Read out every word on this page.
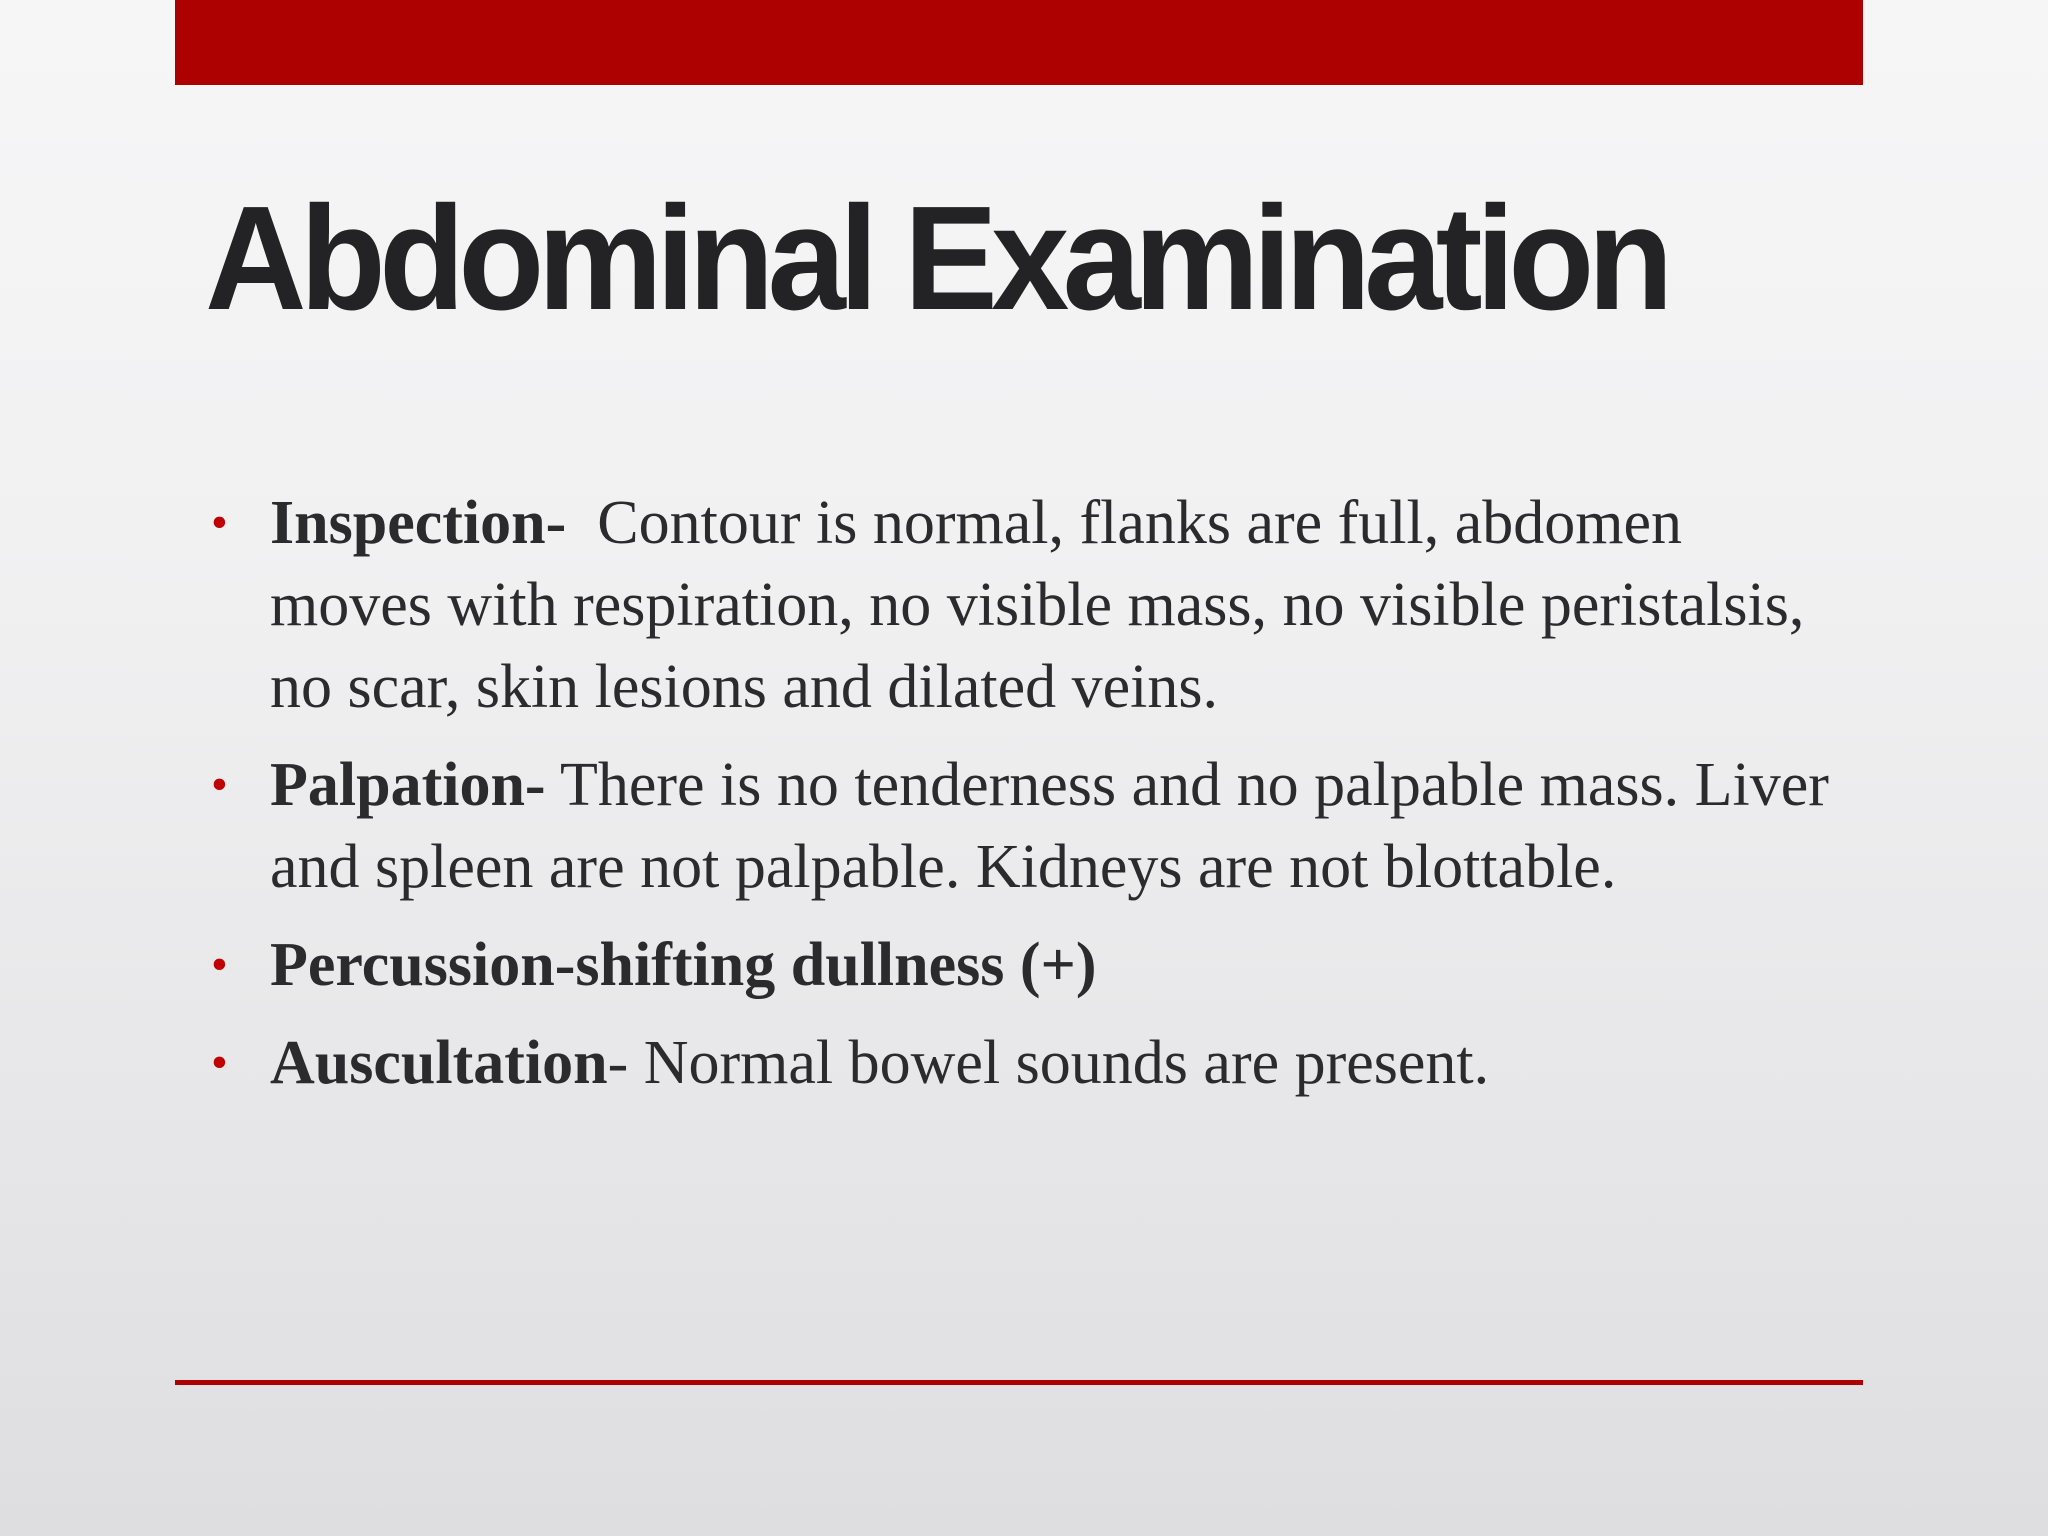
Abdominal Examination
• Inspection-  Contour is normal, flanks are full, abdomen moves with respiration, no visible mass, no visible peristalsis, no scar, skin lesions and dilated veins.
• Palpation- There is no tenderness and no palpable mass. Liver and spleen are not palpable. Kidneys are not blottable.
• Percussion-shifting dullness (+)
• Auscultation- Normal bowel sounds are present.
